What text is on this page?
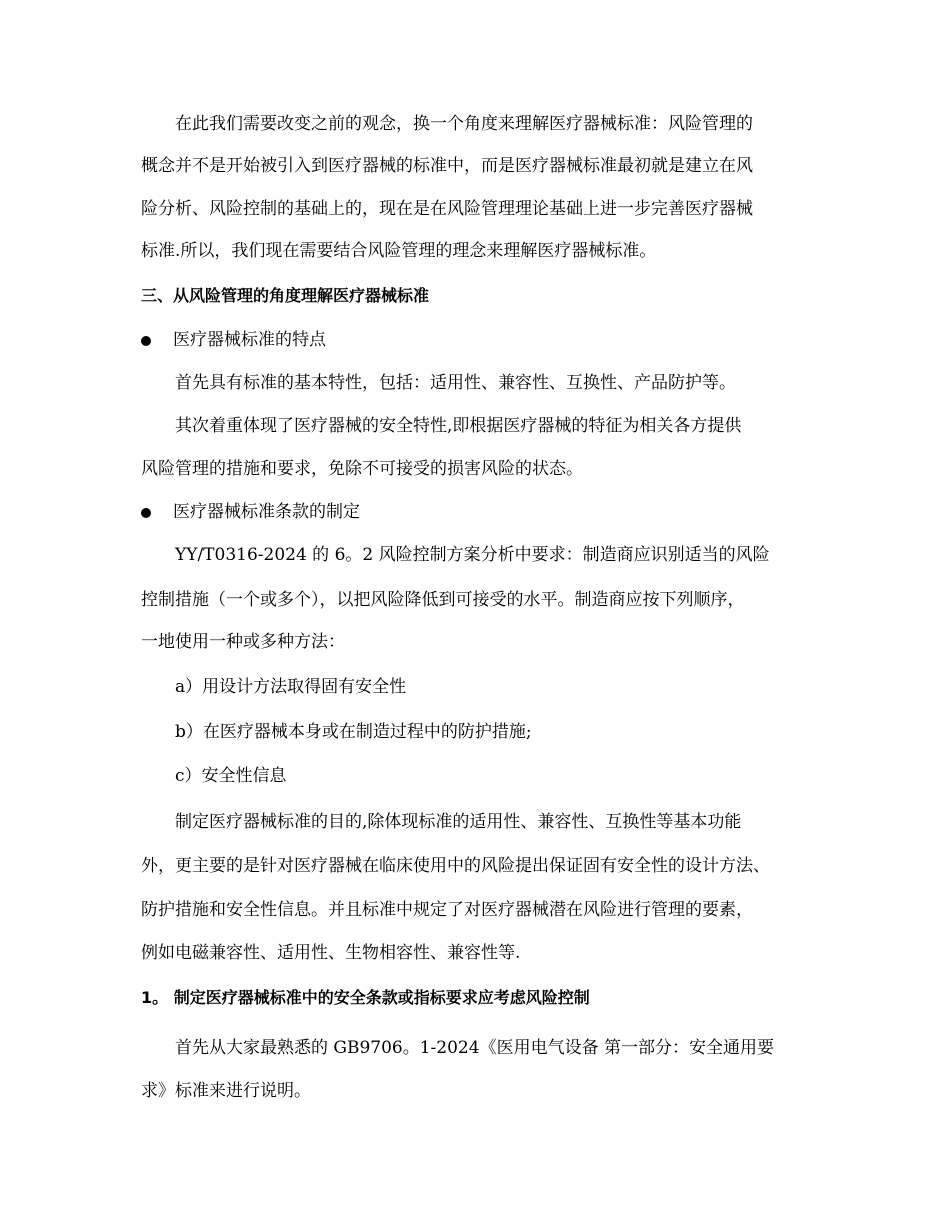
在此我们需要改变之前的观念，换一个角度来理解医疗器械标准：风险管理的
概念并不是开始被引入到医疗器械的标准中，而是医疗器械标准最初就是建立在风
险分析、风险控制的基础上的，现在是在风险管理理论基础上进一步完善医疗器械
标准.所以，我们现在需要结合风险管理的理念来理解医疗器械标准。
三、从风险管理的角度理解医疗器械标准
医疗器械标准的特点
首先具有标准的基本特性，包括：适用性、兼容性、互换性、产品防护等。
其次着重体现了医疗器械的安全特性,即根据医疗器械的特征为相关各方提供
风险管理的措施和要求，免除不可接受的损害风险的状态。
医疗器械标准条款的制定
YY/T0316-2024 的 6。2 风险控制方案分析中要求：制造商应识别适当的风险
控制措施（一个或多个），以把风险降低到可接受的水平。制造商应按下列顺序，
一地使用一种或多种方法：
a）用设计方法取得固有安全性
b）在医疗器械本身或在制造过程中的防护措施;
c）安全性信息
制定医疗器械标准的目的,除体现标准的适用性、兼容性、互换性等基本功能
外，更主要的是针对医疗器械在临床使用中的风险提出保证固有安全性的设计方法、
防护措施和安全性信息。并且标准中规定了对医疗器械潜在风险进行管理的要素，
例如电磁兼容性、适用性、生物相容性、兼容性等.
1。 制定医疗器械标准中的安全条款或指标要求应考虑风险控制
首先从大家最熟悉的 GB9706。1-2024《医用电气设备 第一部分：安全通用要
求》标准来进行说明。
